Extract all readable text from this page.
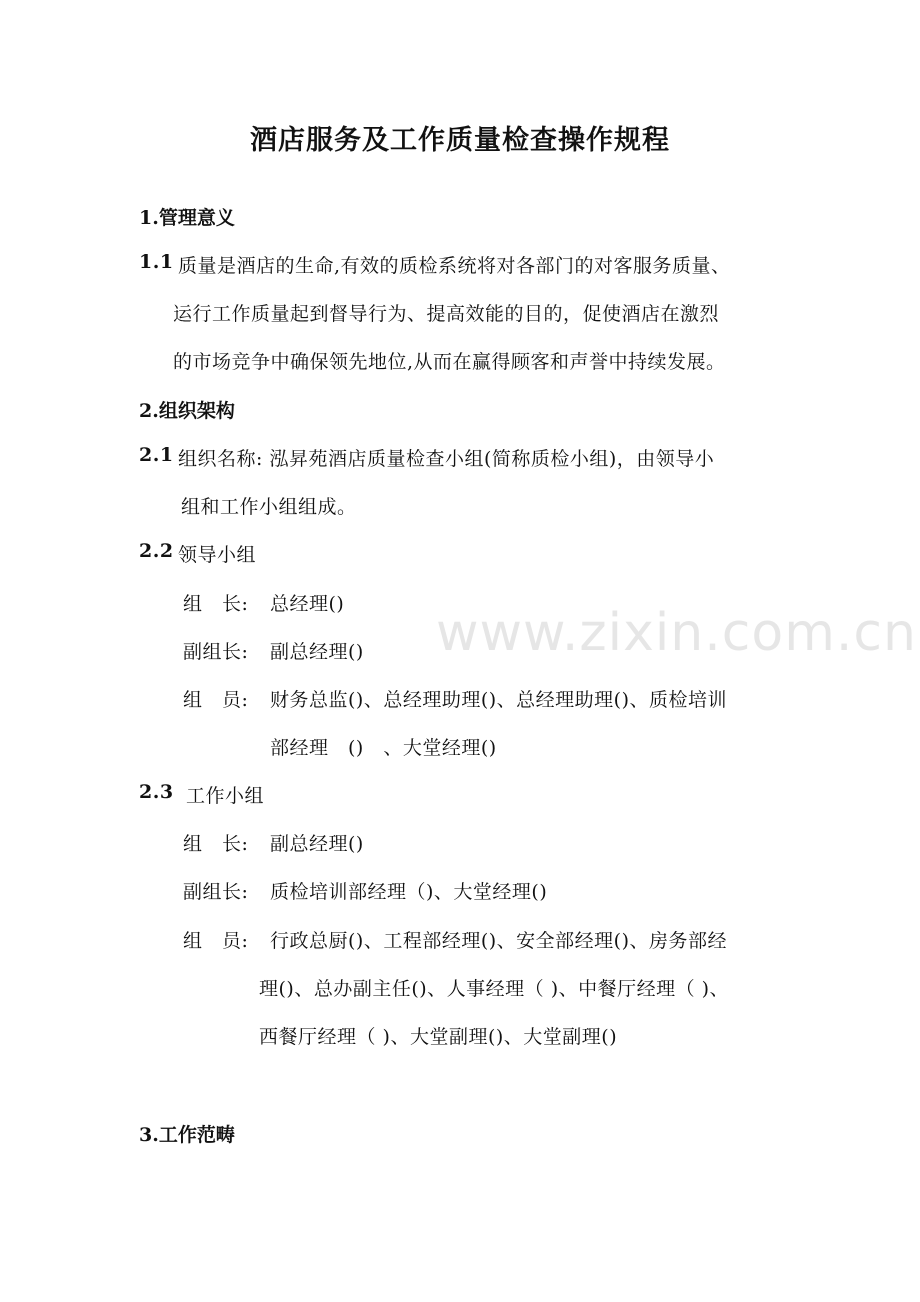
www.zixin.com.cn
酒店服务及工作质量检查操作规程
1.管理意义
1.1 质量是酒店的生命,有效的质检系统将对各部门的对客服务质量、
运行工作质量起到督导行为、提高效能的目的，促使酒店在激烈
的市场竞争中确保领先地位,从而在赢得顾客和声誉中持续发展。
2.组织架构
2.1 组织名称: 泓昇苑酒店质量检查小组(简称质检小组)，由领导小
组和工作小组组成。
2.2 领导小组
组　长: 总经理()
副组长: 副总经理()
组　员: 财务总监()、总经理助理()、总经理助理()、质检培训
部经理　()　、大堂经理()
2.3 工作小组
组　长: 副总经理()
副组长: 质检培训部经理（)、大堂经理()
组　员: 行政总厨()、工程部经理()、安全部经理()、房务部经
理()、总办副主任()、人事经理（ )、中餐厅经理（ )、
西餐厅经理（ )、大堂副理()、大堂副理()
3.工作范畴
